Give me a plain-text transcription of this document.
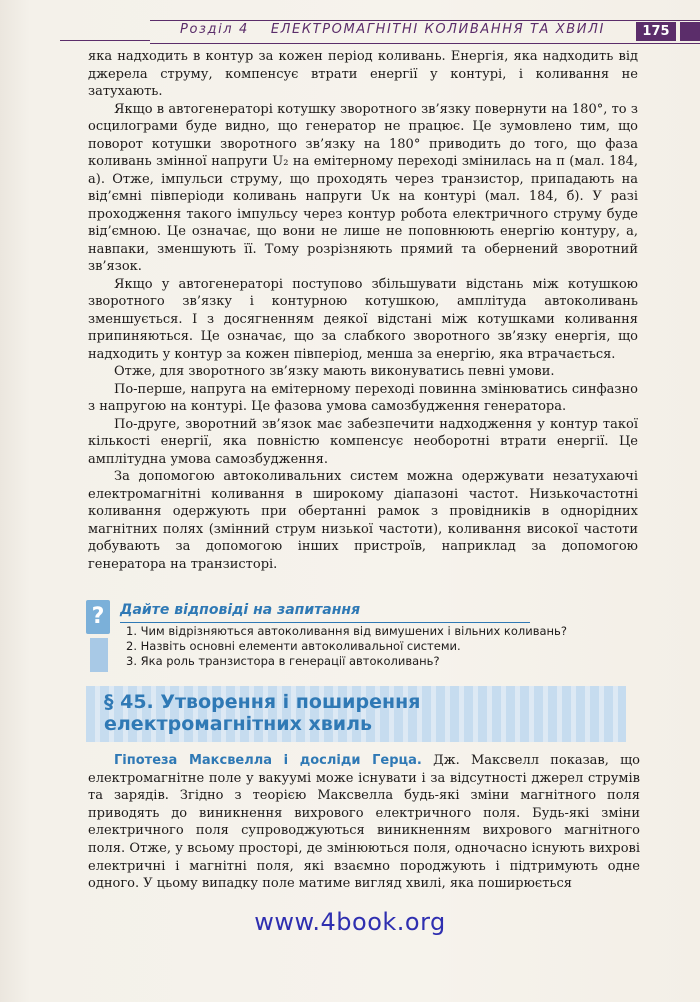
Розділ 4 ЕЛЕКТРОМАГНІТНІ КОЛИВАННЯ ТА ХВИЛІ	175

яка надходить в контур за кожен період коливань. Енергія, яка надходить від джерела струму, компенсує втрати енергії у контурі, і коливання не затухають.

Якщо в автогенераторі котушку зворотного зв’язку повернути на 180°, то з осцилограми буде видно, що генератор не працює. Це зумовлено тим, що поворот котушки зворотного зв’язку на 180° приводить до того, що фаза коливань змінної напруги U₂ на емітерному переході змінилась на π (мал. 184, а). Отже, імпульси струму, що проходять через транзистор, припадають на від’ємні півперіоди коливань напруги Uк на контурі (мал. 184, б). У разі проходження такого імпульсу через контур робота електричного струму буде від’ємною. Це означає, що вони не лише не поповнюють енергію контуру, а, навпаки, зменшують її. Тому розрізняють прямий та обернений зворотний зв’язок.

Якщо у автогенераторі поступово збільшувати відстань між котушкою зворотного зв’язку і контурною котушкою, амплітуда автоколивань зменшується. І з досягненням деякої відстані між котушками коливання припиняються. Це означає, що за слабкого зворотного зв’язку енергія, що надходить у контур за кожен півперіод, менша за енергію, яка втрачається.

Отже, для зворотного зв’язку мають виконуватись певні умови.

По-перше, напруга на емітерному переході повинна змінюватись синфазно з напругою на контурі. Це фазова умова самозбудження генератора.

По-друге, зворотний зв’язок має забезпечити надходження у контур такої кількості енергії, яка повністю компенсує необоротні втрати енергії. Це амплітудна умова самозбудження.

За допомогою автоколивальних систем можна одержувати незатухаючі електромагнітні коливання в широкому діапазоні частот. Низькочастотні коливання одержують при обертанні рамок з провідників в однорідних магнітних полях (змінний струм низької частоти), коливання високої частоти добувають за допомогою інших пристроїв, наприклад за допомогою генератора на транзисторі.

?	Дайте відповіді на запитання
1. Чим відрізняються автоколивання від вимушених і вільних коливань?
2. Назвіть основні елементи автоколивальної системи.
3. Яка роль транзистора в генерації автоколивань?
§ 45. Утворення і поширення електромагнітних хвиль

Гіпотеза Максвелла і досліди Герца. Дж. Максвелл показав, що електромагнітне поле у вакуумі може існувати і за відсутності джерел струмів та зарядів. Згідно з теорією Максвелла будь-які зміни магнітного поля приводять до виникнення вихрового електричного поля. Будь-які зміни електричного поля супроводжуються виникненням вихрового магнітного поля. Отже, у всьому просторі, де змінюються поля, одночасно існують вихрові електричні і магнітні поля, які взаємно породжують і підтримують одне одного. У цьому випадку поле матиме вигляд хвилі, яка поширюється

www.4book.org
